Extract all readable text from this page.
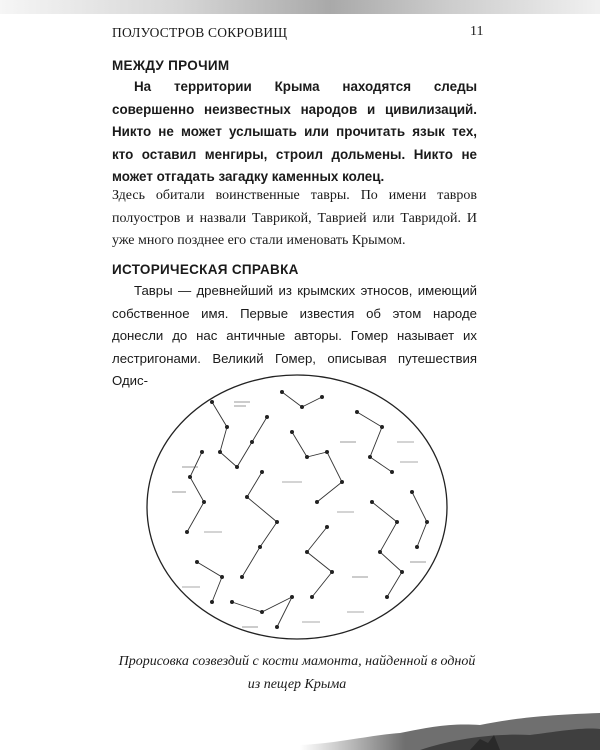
ПОЛУОСТРОВ СОКРОВИЩ	11
МЕЖДУ ПРОЧИМ

На территории Крыма находятся следы совершенно неизвестных народов и цивилизаций. Никто не может услышать или прочитать язык тех, кто оставил менгиры, строил дольмены. Никто не может отгадать загадку каменных колец.

Здесь обитали воинственные тавры. По имени тавров полуостров и назвали Таврикой, Таврией или Тавридой. И уже много позднее его стали именовать Крымом.

ИСТОРИЧЕСКАЯ СПРАВКА

Тавры — древнейший из крымских этносов, имеющий собственное имя. Первые известия об этом народе донесли до нас античные авторы. Гомер называет их лестригонами. Великий Гомер, описывая путешествия Одис-

Прорисовка созвездий с кости мамонта, найденной в одной из пещер Крыма
